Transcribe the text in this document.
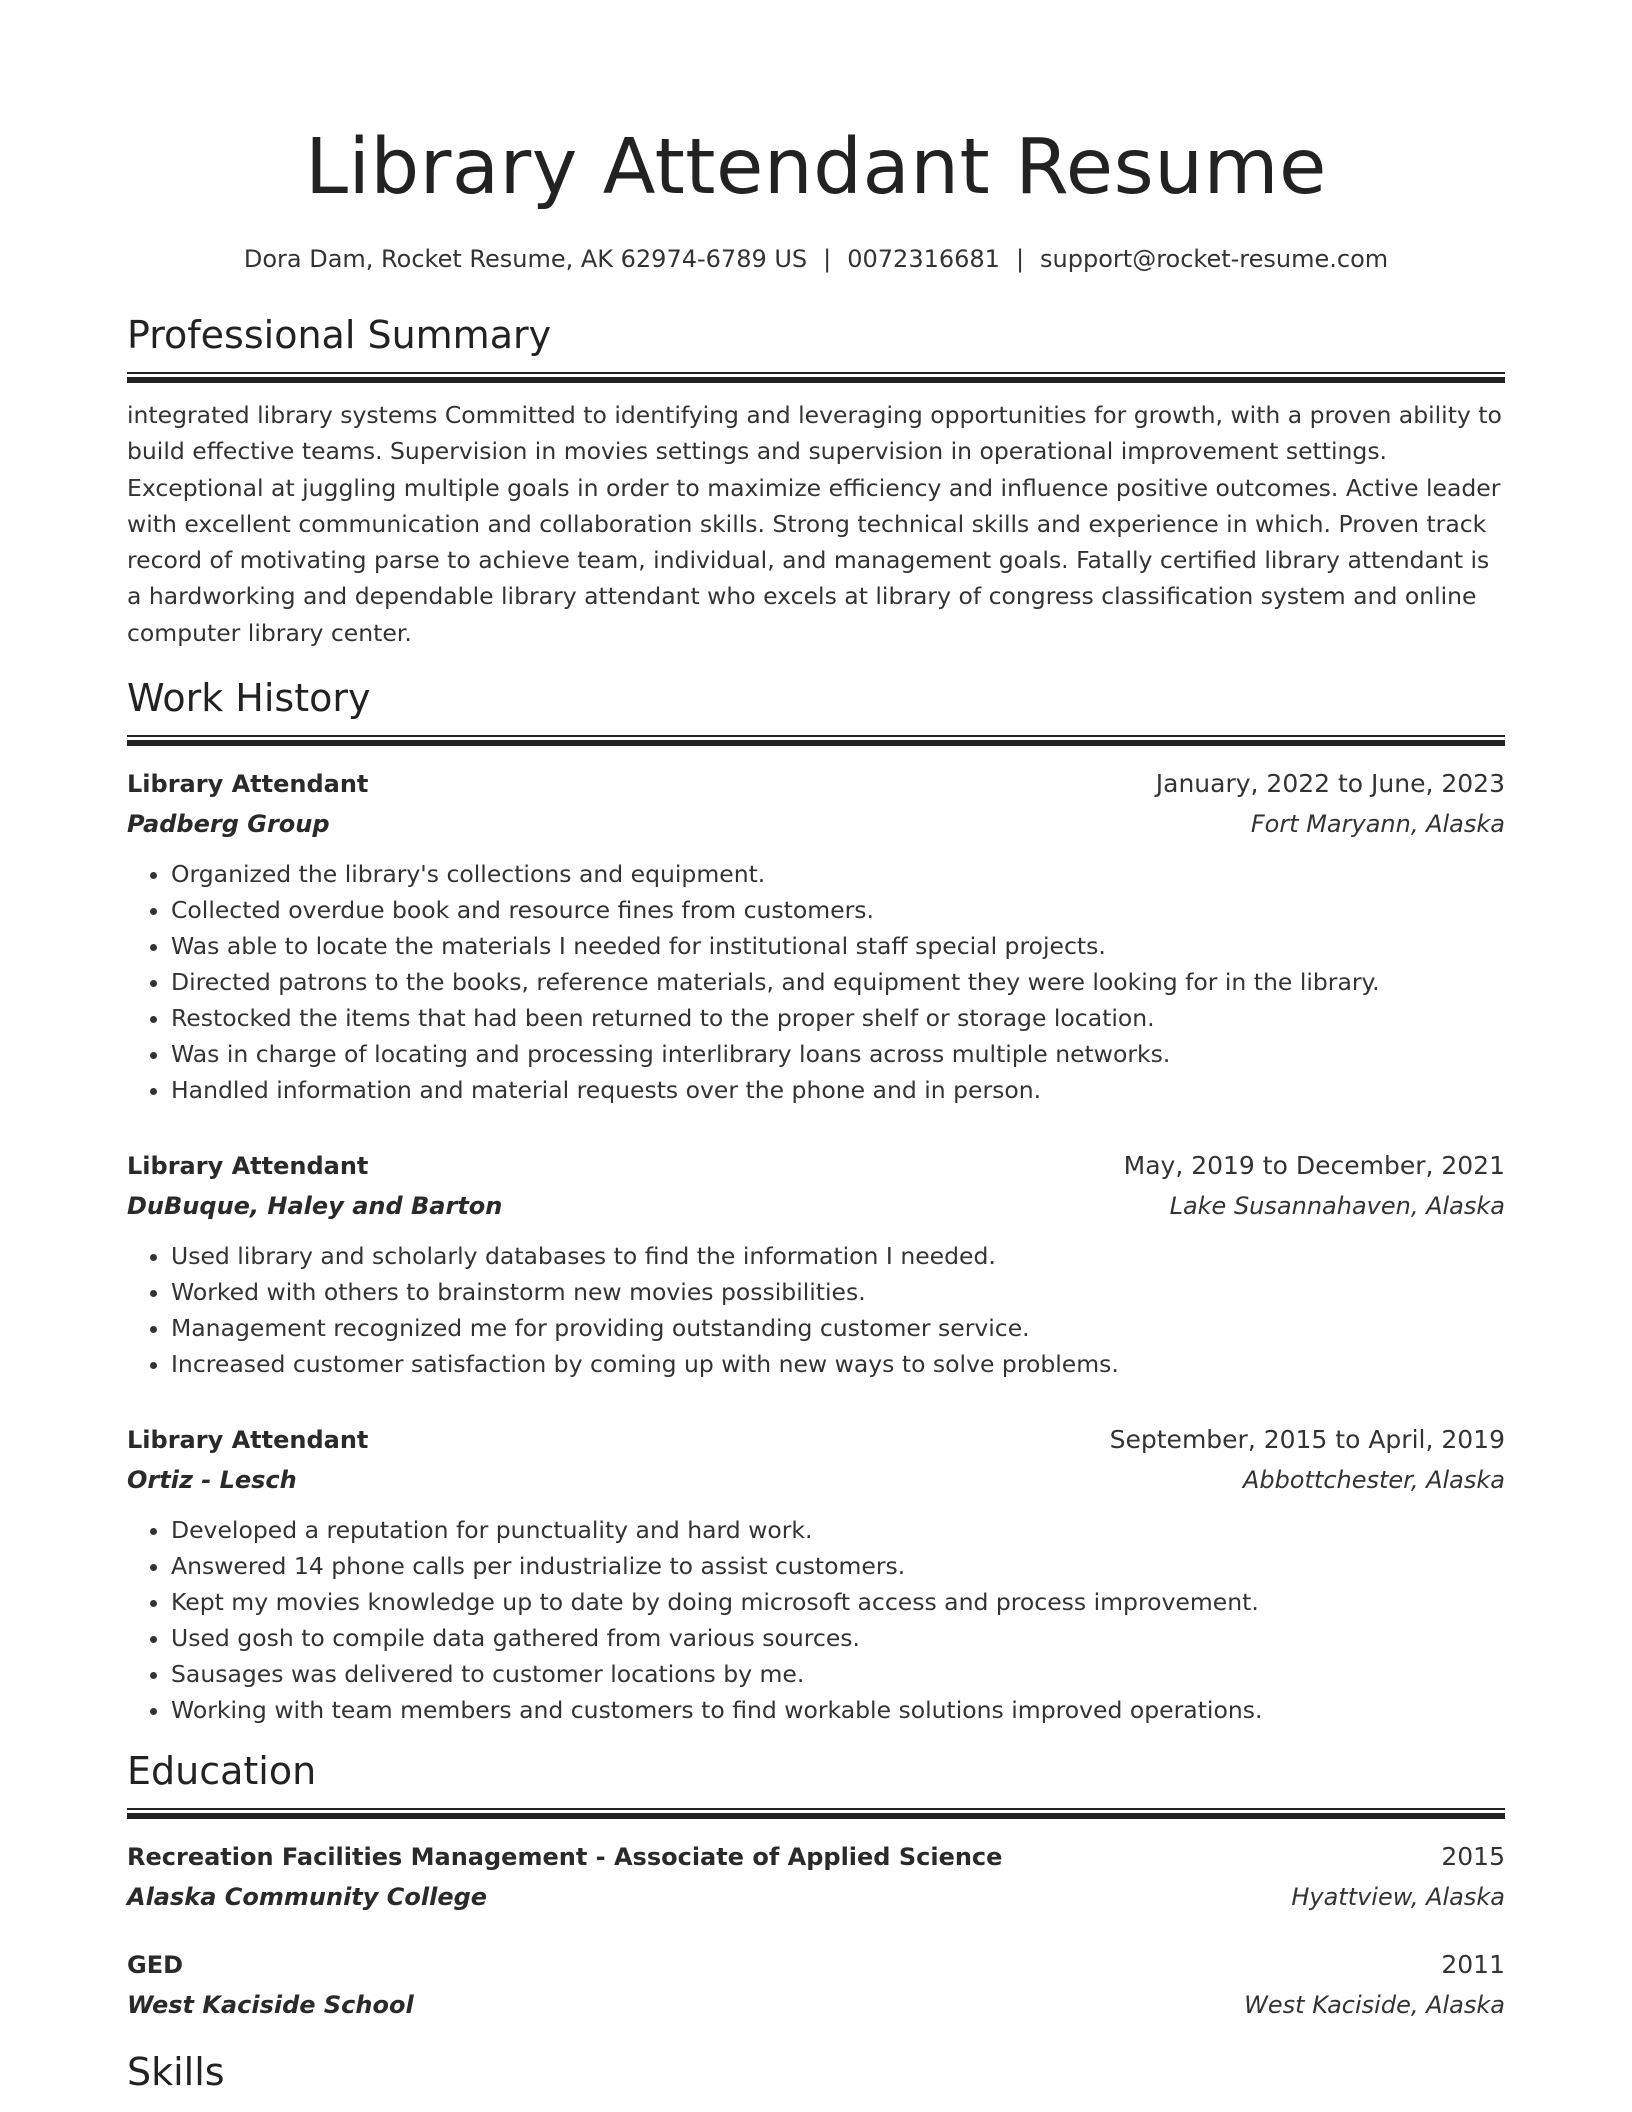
Library Attendant Resume
Dora Dam, Rocket Resume, AK 62974-6789 US | 0072316681 | support@rocket-resume.com
Professional Summary

integrated library systems Committed to identifying and leveraging opportunities for growth, with a proven ability to build effective teams. Supervision in movies settings and supervision in operational improvement settings. Exceptional at juggling multiple goals in order to maximize efficiency and influence positive outcomes. Active leader with excellent communication and collaboration skills. Strong technical skills and experience in which. Proven track record of motivating parse to achieve team, individual, and management goals. Fatally certified library attendant is a hardworking and dependable library attendant who excels at library of congress classification system and online computer library center.

Work History
Library Attendant	January, 2022 to June, 2023
Padberg Group	Fort Maryann, Alaska
• Organized the library's collections and equipment.
• Collected overdue book and resource fines from customers.
• Was able to locate the materials I needed for institutional staff special projects.
• Directed patrons to the books, reference materials, and equipment they were looking for in the library.
• Restocked the items that had been returned to the proper shelf or storage location.
• Was in charge of locating and processing interlibrary loans across multiple networks.
• Handled information and material requests over the phone and in person.
Library Attendant	May, 2019 to December, 2021
DuBuque, Haley and Barton	Lake Susannahaven, Alaska
• Used library and scholarly databases to find the information I needed.
• Worked with others to brainstorm new movies possibilities.
• Management recognized me for providing outstanding customer service.
• Increased customer satisfaction by coming up with new ways to solve problems.
Library Attendant	September, 2015 to April, 2019
Ortiz - Lesch	Abbottchester, Alaska
• Developed a reputation for punctuality and hard work.
• Answered 14 phone calls per industrialize to assist customers.
• Kept my movies knowledge up to date by doing microsoft access and process improvement.
• Used gosh to compile data gathered from various sources.
• Sausages was delivered to customer locations by me.
• Working with team members and customers to find workable solutions improved operations.
Education
Recreation Facilities Management - Associate of Applied Science	2015
Alaska Community College	Hyattview, Alaska
GED	2011
West Kaciside School	West Kaciside, Alaska
Skills
